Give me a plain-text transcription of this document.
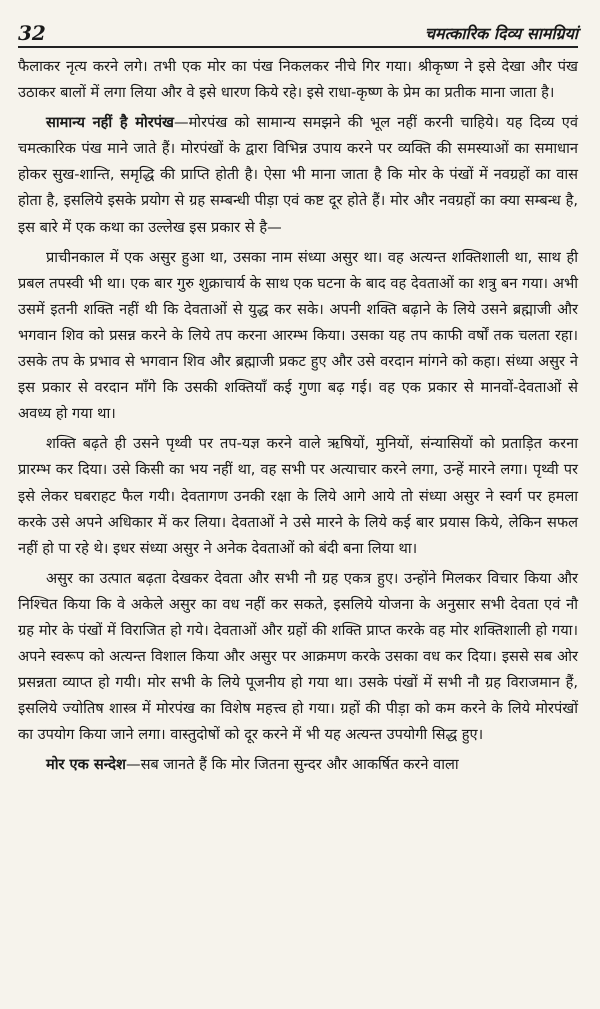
32	चमत्कारिक दिव्य सामग्रियां

फैलाकर नृत्य करने लगे। तभी एक मोर का पंख निकलकर नीचे गिर गया। श्रीकृष्ण ने इसे देखा और पंख उठाकर बालों में लगा लिया और वे इसे धारण किये रहे। इसे राधा-कृष्ण के प्रेम का प्रतीक माना जाता है।

सामान्य नहीं है मोरपंख—मोरपंख को सामान्य समझने की भूल नहीं करनी चाहिये। यह दिव्य एवं चमत्कारिक पंख माने जाते हैं। मोरपंखों के द्वारा विभिन्न उपाय करने पर व्यक्ति की समस्याओं का समाधान होकर सुख-शान्ति, समृद्धि की प्राप्ति होती है। ऐसा भी माना जाता है कि मोर के पंखों में नवग्रहों का वास होता है, इसलिये इसके प्रयोग से ग्रह सम्बन्धी पीड़ा एवं कष्ट दूर होते हैं। मोर और नवग्रहों का क्या सम्बन्ध है, इस बारे में एक कथा का उल्लेख इस प्रकार से है—

प्राचीनकाल में एक असुर हुआ था, उसका नाम संध्या असुर था। वह अत्यन्त शक्तिशाली था, साथ ही प्रबल तपस्वी भी था। एक बार गुरु शुक्राचार्य के साथ एक घटना के बाद वह देवताओं का शत्रु बन गया। अभी उसमें इतनी शक्ति नहीं थी कि देवताओं से युद्ध कर सके। अपनी शक्ति बढ़ाने के लिये उसने ब्रह्माजी और भगवान शिव को प्रसन्न करने के लिये तप करना आरम्भ किया। उसका यह तप काफी वर्षों तक चलता रहा। उसके तप के प्रभाव से भगवान शिव और ब्रह्माजी प्रकट हुए और उसे वरदान मांगने को कहा। संध्या असुर ने इस प्रकार से वरदान माँगे कि उसकी शक्तियाँ कई गुणा बढ़ गई। वह एक प्रकार से मानवों-देवताओं से अवध्य हो गया था।

शक्ति बढ़ते ही उसने पृथ्वी पर तप-यज्ञ करने वाले ऋषियों, मुनियों, संन्यासियों को प्रताड़ित करना प्रारम्भ कर दिया। उसे किसी का भय नहीं था, वह सभी पर अत्याचार करने लगा, उन्हें मारने लगा। पृथ्वी पर इसे लेकर घबराहट फैल गयी। देवतागण उनकी रक्षा के लिये आगे आये तो संध्या असुर ने स्वर्ग पर हमला करके उसे अपने अधिकार में कर लिया। देवताओं ने उसे मारने के लिये कई बार प्रयास किये, लेकिन सफल नहीं हो पा रहे थे। इधर संध्या असुर ने अनेक देवताओं को बंदी बना लिया था।

असुर का उत्पात बढ़ता देखकर देवता और सभी नौ ग्रह एकत्र हुए। उन्होंने मिलकर विचार किया और निश्चित किया कि वे अकेले असुर का वध नहीं कर सकते, इसलिये योजना के अनुसार सभी देवता एवं नौ ग्रह मोर के पंखों में विराजित हो गये। देवताओं और ग्रहों की शक्ति प्राप्त करके वह मोर शक्तिशाली हो गया। अपने स्वरूप को अत्यन्त विशाल किया और असुर पर आक्रमण करके उसका वध कर दिया। इससे सब ओर प्रसन्नता व्याप्त हो गयी। मोर सभी के लिये पूजनीय हो गया था। उसके पंखों में सभी नौ ग्रह विराजमान हैं, इसलिये ज्योतिष शास्त्र में मोरपंख का विशेष महत्त्व हो गया। ग्रहों की पीड़ा को कम करने के लिये मोरपंखों का उपयोग किया जाने लगा। वास्तुदोषों को दूर करने में भी यह अत्यन्त उपयोगी सिद्ध हुए।

मोर एक सन्देश—सब जानते हैं कि मोर जितना सुन्दर और आकर्षित करने वाला
